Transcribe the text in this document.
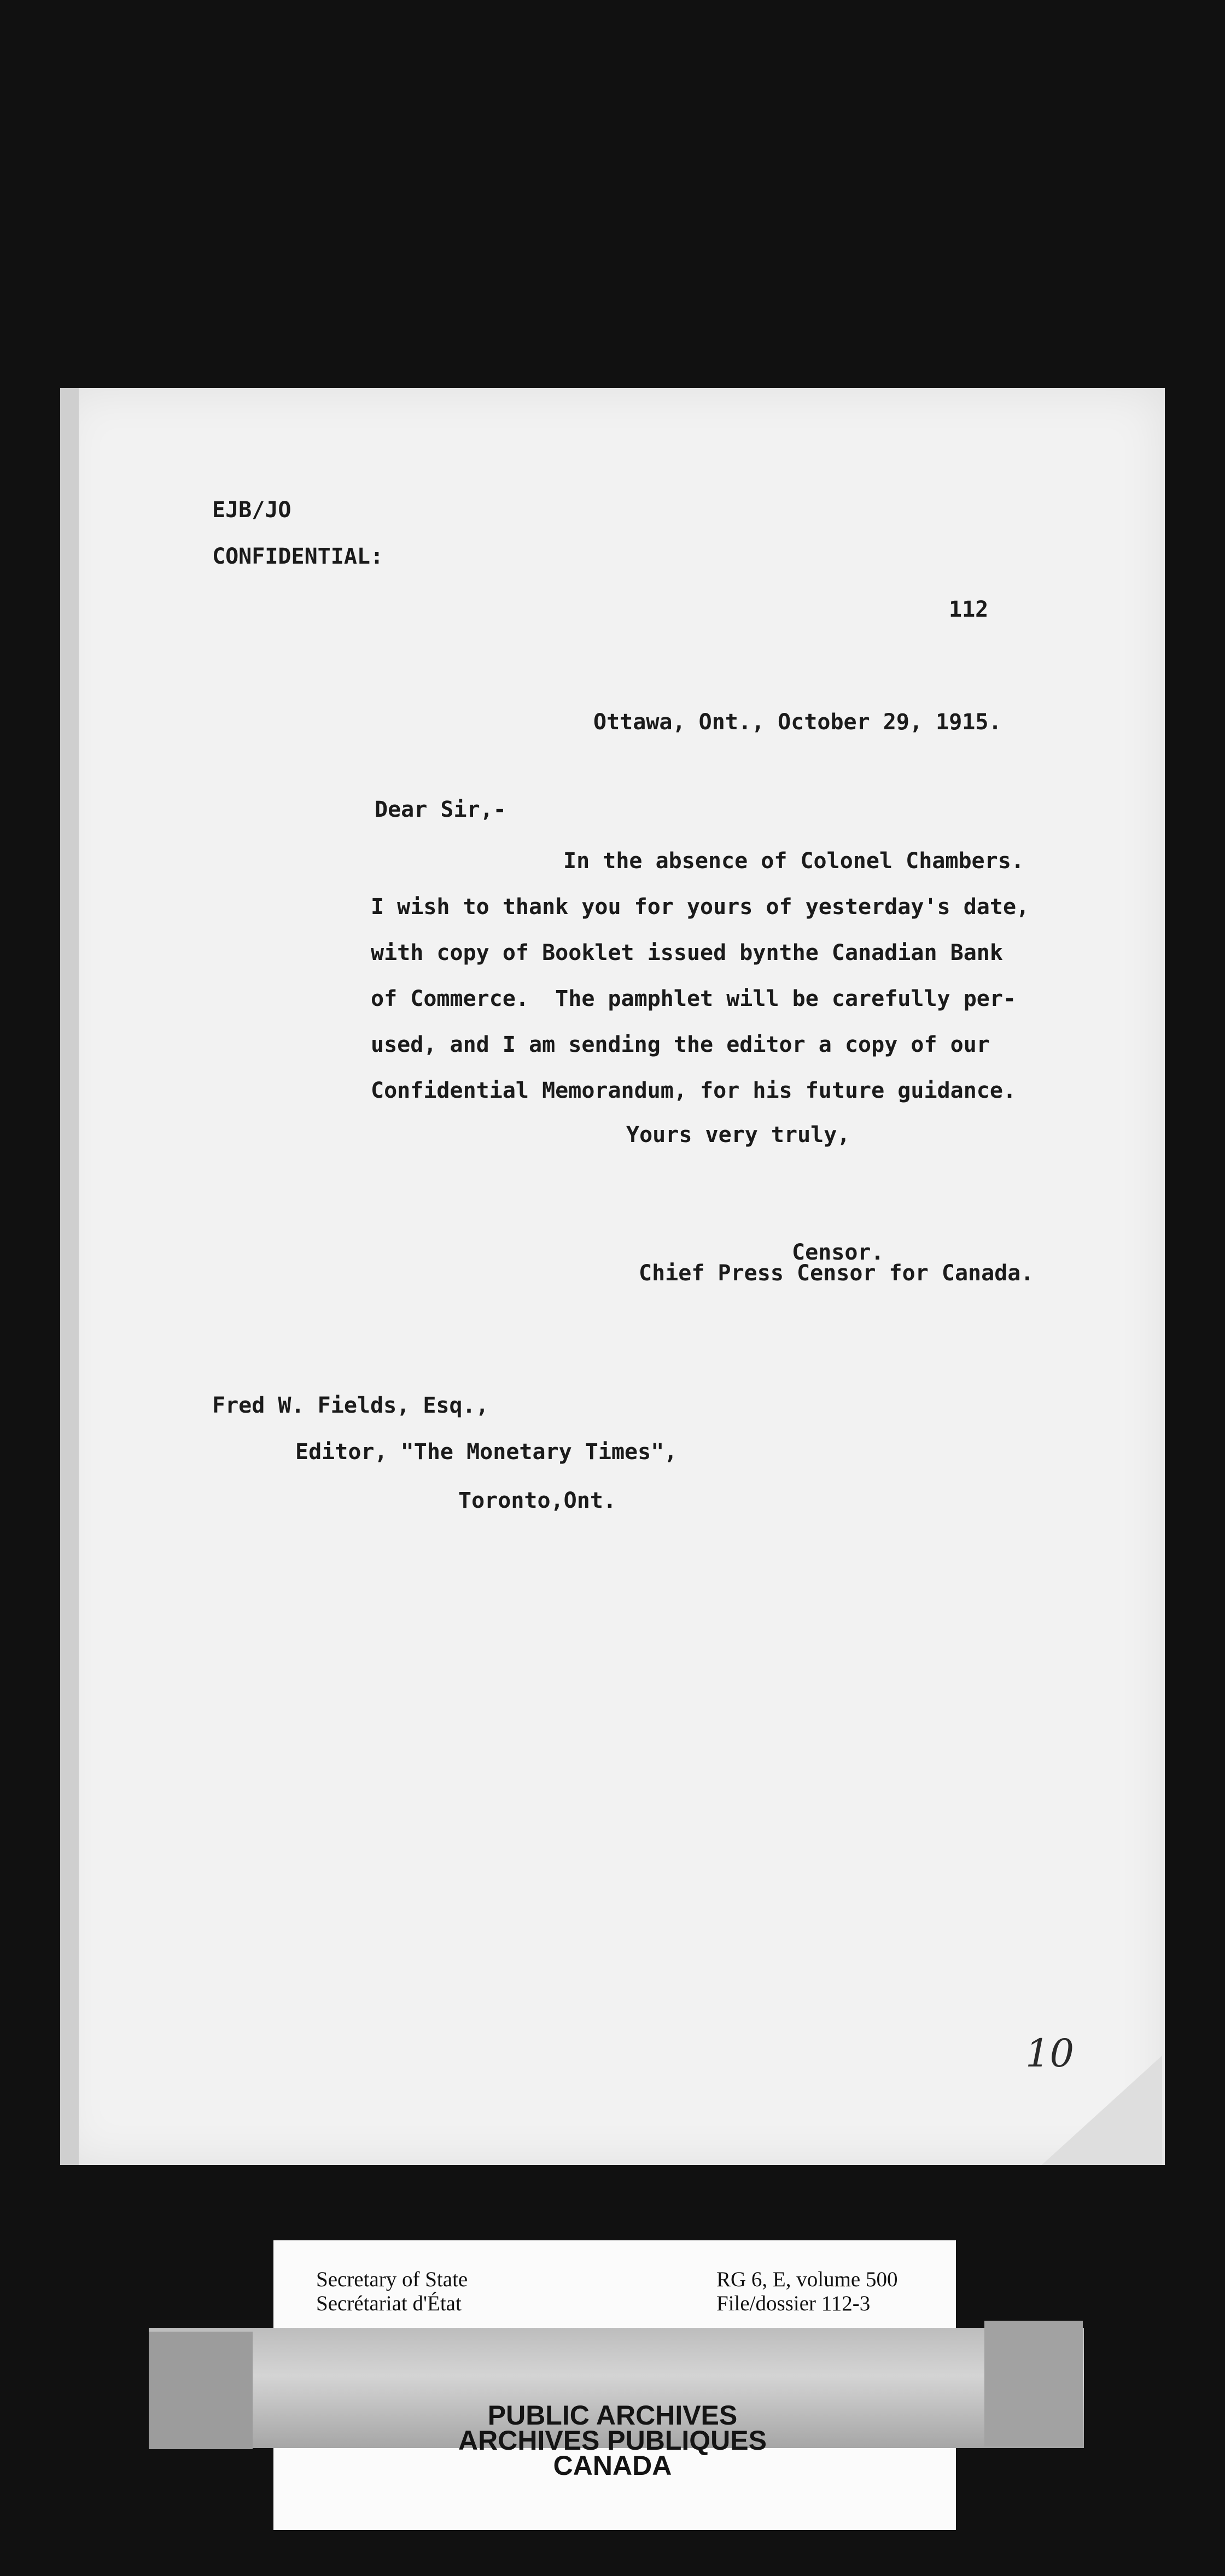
EJB/JO

CONFIDENTIAL:

112

Ottawa, Ont., October 29, 1915.

Dear Sir,-

In the absence of Colonel Chambers.

I wish to thank you for yours of yesterday's date,

with copy of Booklet issued bynthe Canadian Bank

of Commerce.  The pamphlet will be carefully per-

used, and I am sending the editor a copy of our

Confidential Memorandum, for his future guidance.

Yours very truly,

Censor.

Chief Press Censor for Canada.

Fred W. Fields, Esq.,

Editor, "The Monetary Times",

Toronto,Ont.

10

Secretary of State

Secrétariat d'État

RG 6, E, volume 500

File/dossier 112-3

PUBLIC ARCHIVES
ARCHIVES PUBLIQUES
CANADA
